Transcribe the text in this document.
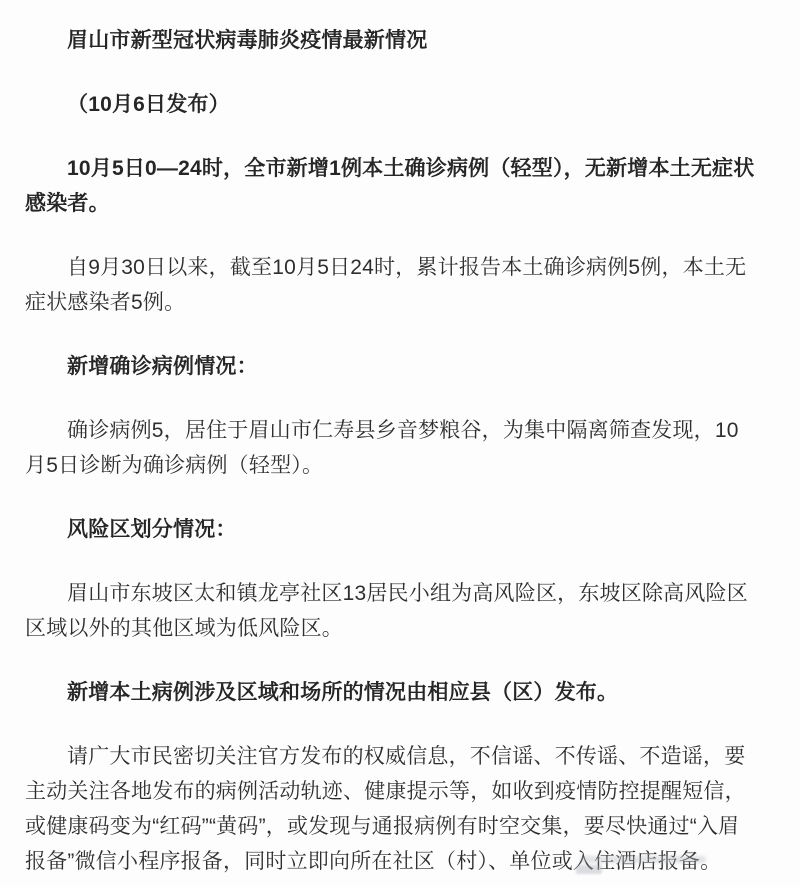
眉山市新型冠状病毒肺炎疫情最新情况

（10月6日发布）

10月5日0—24时，全市新增1例本土确诊病例（轻型），无新增本土无症状感染者。

自9月30日以来，截至10月5日24时，累计报告本土确诊病例5例，本土无症状感染者5例。

新增确诊病例情况：

确诊病例5，居住于眉山市仁寿县乡音梦粮谷，为集中隔离筛查发现，10月5日诊断为确诊病例（轻型）。

风险区划分情况：

眉山市东坡区太和镇龙亭社区13居民小组为高风险区，东坡区除高风险区区域以外的其他区域为低风险区。

新增本土病例涉及区域和场所的情况由相应县（区）发布。

请广大市民密切关注官方发布的权威信息，不信谣、不传谣、不造谣，要主动关注各地发布的病例活动轨迹、健康提示等，如收到疫情防控提醒短信，或健康码变为“红码”“黄码”，或发现与通报病例有时空交集，要尽快通过“入眉报备”微信小程序报备，同时立即向所在社区（村）、单位或入住酒店报备。
